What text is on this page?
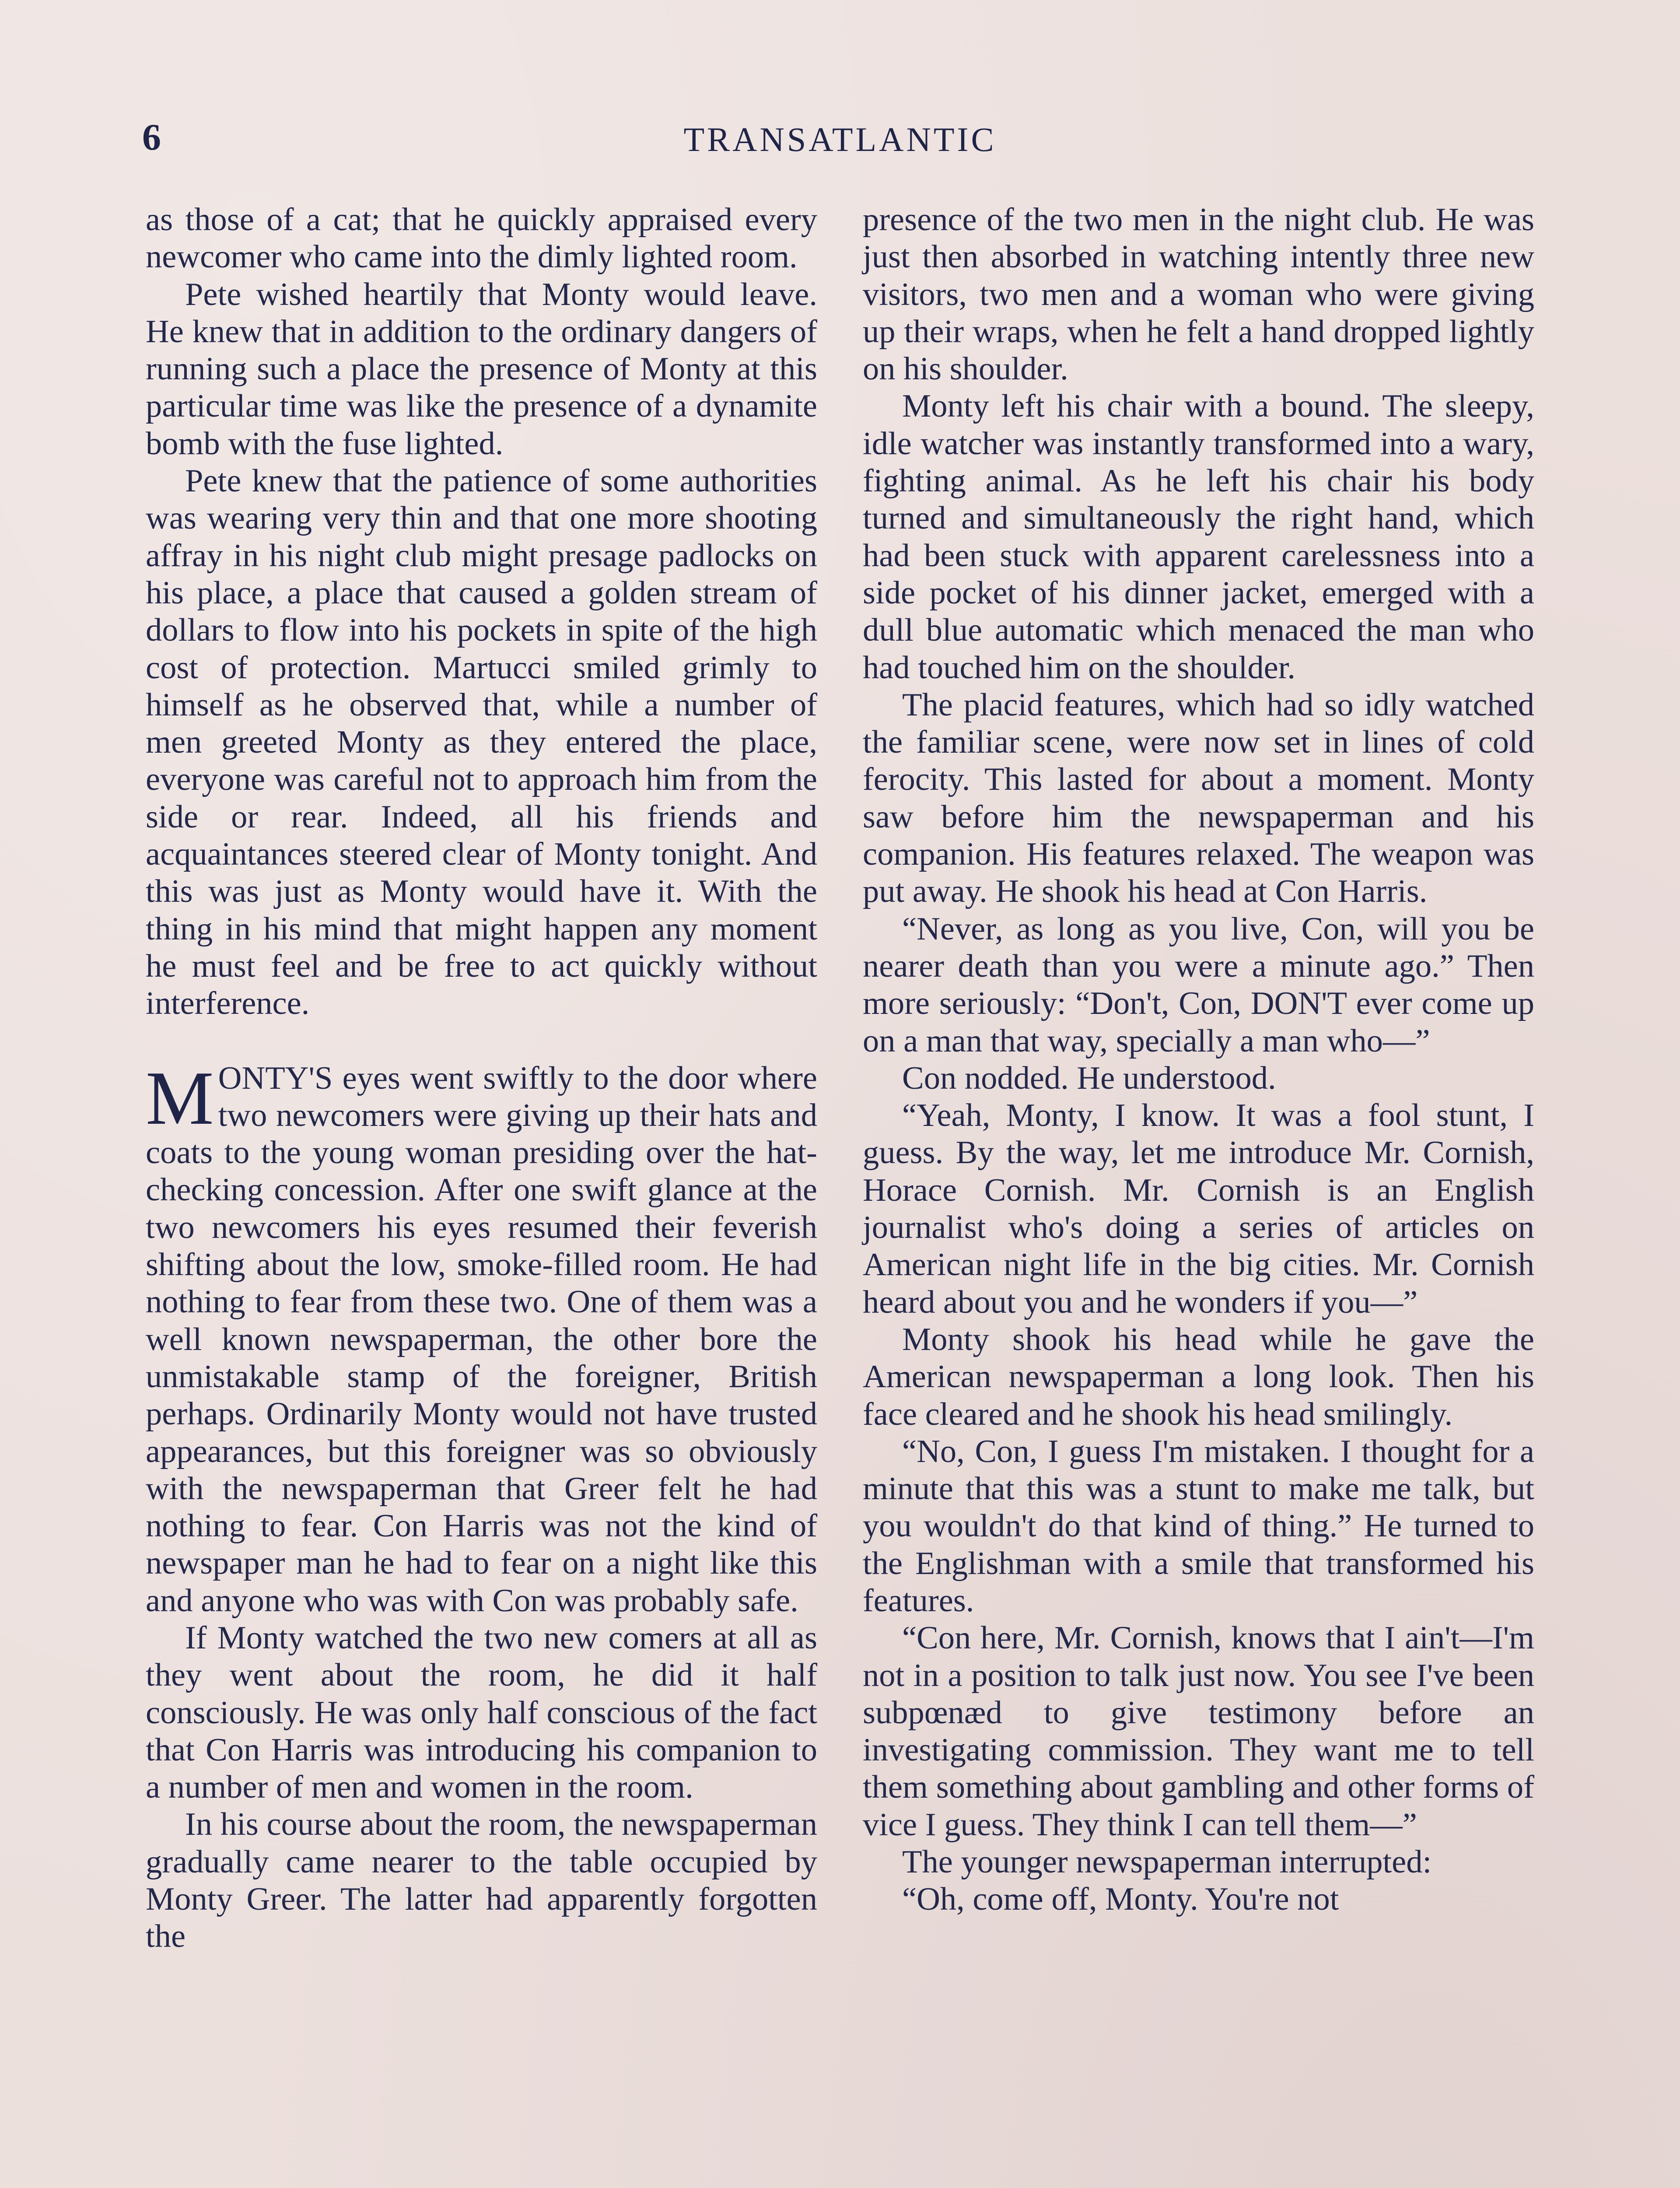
6	TRANSATLANTIC

as those of a cat; that he quickly appraised every newcomer who came into the dimly lighted room.

Pete wished heartily that Monty would leave. He knew that in addition to the ordinary dangers of running such a place the presence of Monty at this particular time was like the presence of a dynamite bomb with the fuse lighted.

Pete knew that the patience of some authorities was wearing very thin and that one more shooting affray in his night club might presage padlocks on his place, a place that caused a golden stream of dollars to flow into his pockets in spite of the high cost of protection. Martucci smiled grimly to himself as he observed that, while a number of men greeted Monty as they entered the place, everyone was careful not to approach him from the side or rear. Indeed, all his friends and acquaintances steered clear of Monty tonight. And this was just as Monty would have it. With the thing in his mind that might happen any moment he must feel and be free to act quickly without interference.

MONTY'S eyes went swiftly to the door where two newcomers were giving up their hats and coats to the young woman presiding over the hat-checking concession. After one swift glance at the two newcomers his eyes resumed their feverish shifting about the low, smoke-filled room. He had nothing to fear from these two. One of them was a well known newspaperman, the other bore the unmistakable stamp of the foreigner, British perhaps. Ordinarily Monty would not have trusted appearances, but this foreigner was so obviously with the newspaperman that Greer felt he had nothing to fear. Con Harris was not the kind of newspaper man he had to fear on a night like this and anyone who was with Con was probably safe.

If Monty watched the two new comers at all as they went about the room, he did it half consciously. He was only half conscious of the fact that Con Harris was introducing his companion to a number of men and women in the room.

In his course about the room, the newspaperman gradually came nearer to the table occupied by Monty Greer. The latter had apparently forgotten the

presence of the two men in the night club. He was just then absorbed in watching intently three new visitors, two men and a woman who were giving up their wraps, when he felt a hand dropped lightly on his shoulder.

Monty left his chair with a bound. The sleepy, idle watcher was instantly transformed into a wary, fighting animal. As he left his chair his body turned and simultaneously the right hand, which had been stuck with apparent carelessness into a side pocket of his dinner jacket, emerged with a dull blue automatic which menaced the man who had touched him on the shoulder.

The placid features, which had so idly watched the familiar scene, were now set in lines of cold ferocity. This lasted for about a moment. Monty saw before him the newspaperman and his companion. His features relaxed. The weapon was put away. He shook his head at Con Harris.

“Never, as long as you live, Con, will you be nearer death than you were a minute ago.” Then more seriously: “Don't, Con, DON'T ever come up on a man that way, specially a man who—”

Con nodded. He understood.

“Yeah, Monty, I know. It was a fool stunt, I guess. By the way, let me introduce Mr. Cornish, Horace Cornish. Mr. Cornish is an English journalist who's doing a series of articles on American night life in the big cities. Mr. Cornish heard about you and he wonders if you—”

Monty shook his head while he gave the American newspaperman a long look. Then his face cleared and he shook his head smilingly.

“No, Con, I guess I'm mistaken. I thought for a minute that this was a stunt to make me talk, but you wouldn't do that kind of thing.” He turned to the Englishman with a smile that transformed his features.

“Con here, Mr. Cornish, knows that I ain't—I'm not in a position to talk just now. You see I've been subpœnæd to give testimony before an investigating commission. They want me to tell them something about gambling and other forms of vice I guess. They think I can tell them—”

The younger newspaperman interrupted:

“Oh, come off, Monty. You're not
